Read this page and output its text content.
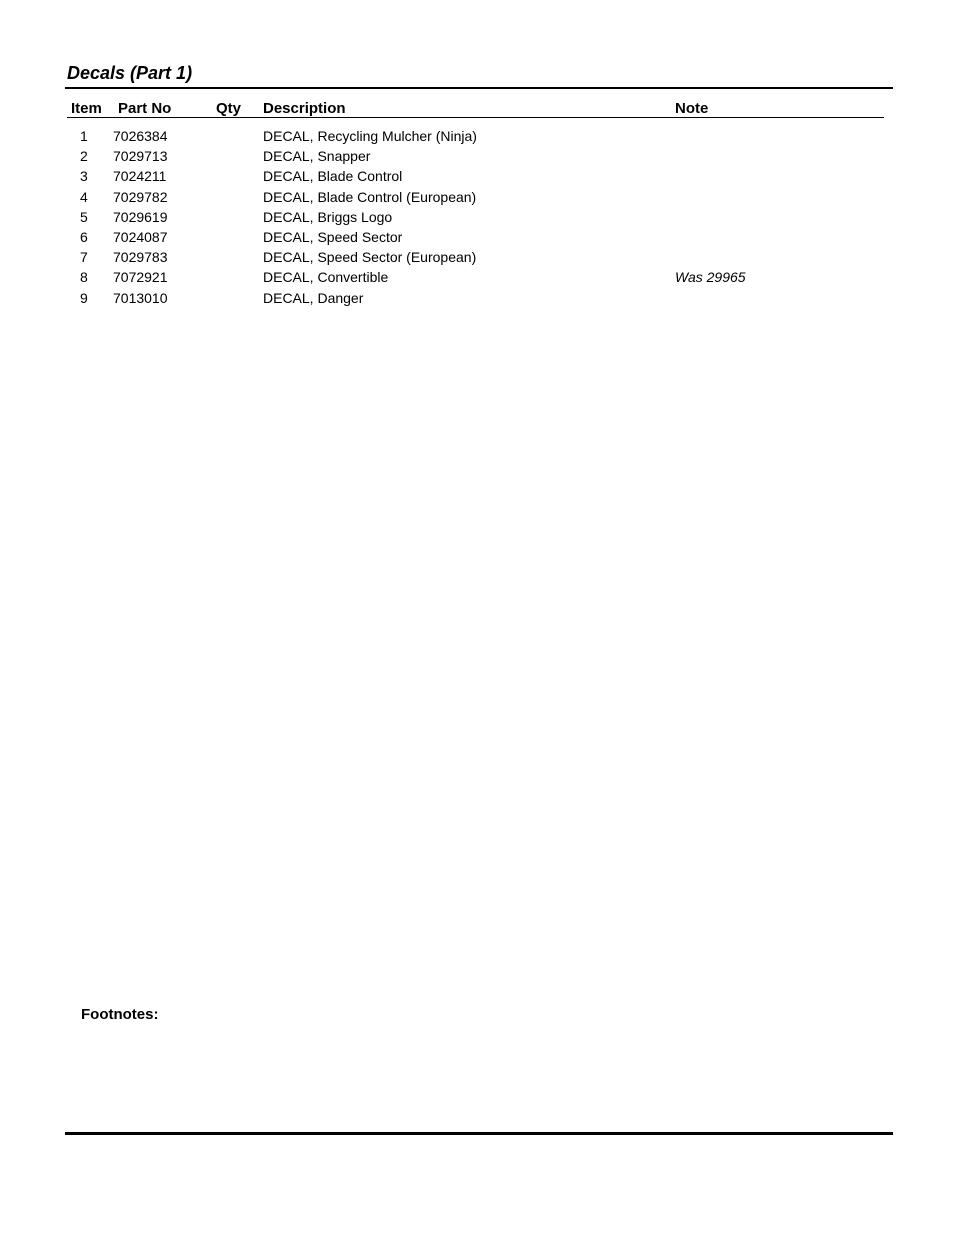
Decals (Part 1)
Item Part No	Qty Description	Note
1 7026384	DECAL, Recycling Mulcher (Ninja)
2 7029713	DECAL, Snapper
3 7024211	DECAL, Blade Control
4 7029782	DECAL, Blade Control (European)
5 7029619	DECAL, Briggs Logo
6 7024087	DECAL, Speed Sector
7 7029783	DECAL, Speed Sector (European)
8 7072921	DECAL, Convertible	Was 29965
9 7013010	DECAL, Danger
Footnotes:
